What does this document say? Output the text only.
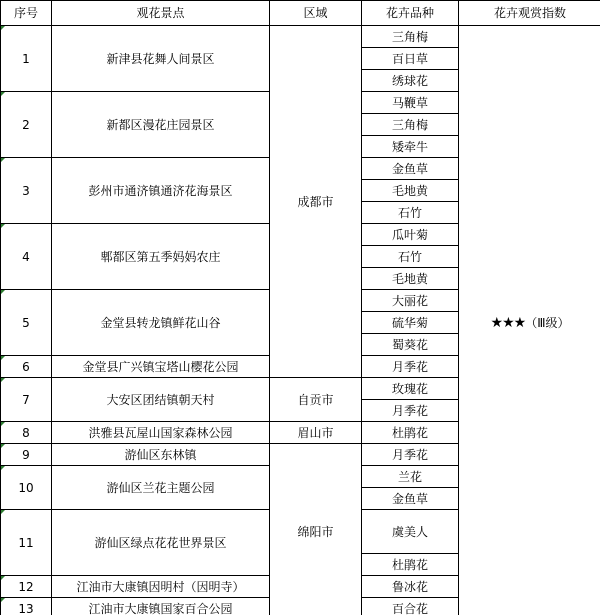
序号	观花景点	区域	花卉品种	花卉观赏指数
1	新津县花舞人间景区	成都市	三角梅	★★★（Ⅲ级）
			百日草	
			绣球花	
2	新都区漫花庄园景区		马鞭草	
			三角梅	
			矮牵牛	
3	彭州市通济镇通济花海景区		金鱼草	
			毛地黄	
			石竹	
4	郫都区第五季妈妈农庄		瓜叶菊	
			石竹	
			毛地黄	
5	金堂县转龙镇鲜花山谷		大丽花	
			硫华菊	
			蜀葵花	
6	金堂县广兴镇宝塔山樱花公园		月季花	
7	大安区团结镇朝天村	自贡市	玫瑰花	
			月季花	
8	洪雅县瓦屋山国家森林公园	眉山市	杜鹃花	
9	游仙区东林镇	绵阳市	月季花	
10	游仙区兰花主题公园		兰花	
			金鱼草	
11	游仙区绿点花花世界景区		虞美人	
			杜鹃花	
12	江油市大康镇因明村（因明寺）		鲁冰花	
13	江油市大康镇国家百合公园		百合花	
